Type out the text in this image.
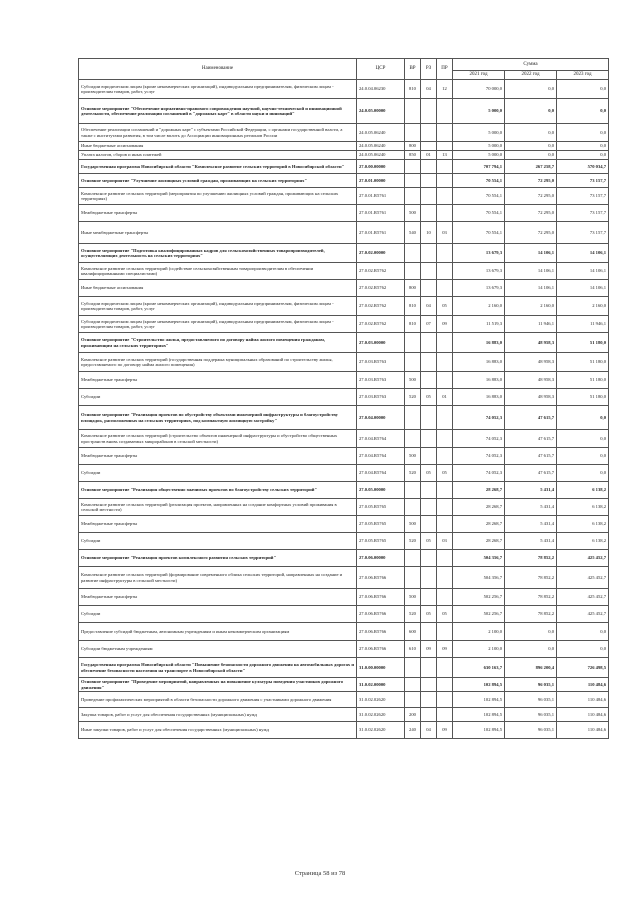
Наименование	ЦСР	ВР	РЗ	ПР	Сумма		
					2021 год	2022 год	2023 год
Субсидии юридическим лицам (кроме некоммерческих организаций), индивидуальным предпринимателям, физическим лицам - производителям товаров, работ, услуг	24.0.04.06230	810	04	12	70 000,0	0,0	0,0
Основное мероприятие "Обеспечение нормативно-правового сопровождения научной, научно-технической и инновационной деятельности, обеспечение реализации соглашений в "дорожных карт" в области науки и инноваций"	24.0.05.00000				5 000,0	0,0	0,0
Обеспечение реализации соглашений и "дорожных карт" с субъектами Российской Федерации, с органами государственной власти, а также с институтами развития, в том числе вплоть до Ассоциации инновационных регионов России	24.0.05.06240				5 000,0	0,0	0,0
Иные бюджетные ассигнования	24.0.05.06240	800			5 000,0	0,0	0,0
Уплата налогов, сборов и иных платежей	24.0.05.06240	850	01	13	5 000,0	0,0	0,0
Государственная программа Новосибирской области "Комплексное развитие сельских территорий в Новосибирской области"	27.0.00.00000				707 794,1	267 258,7	570 034,7
Основное мероприятие "Улучшение жилищных условий граждан, проживающих на сельских территориях"	27.0.01.00000				70 554,1	72 295,0	73 157,7
Комплексное развитие сельских территорий (мероприятия по улучшению жилищных условий граждан, проживающих на сельских территориях)	27.0.01.R5761				70 554,1	72 295,0	73 157,7
Межбюджетные трансферты	27.0.01.R5761	500			70 554,1	72 295,0	73 157,7
Иные межбюджетные трансферты	27.0.01.R5761	540	10	03	70 554,1	72 295,0	73 157,7
Основное мероприятие "Подготовка квалифицированных кадров для сельскохозяйственных товаропроизводителей, осуществляющих деятельность на сельских территориях"	27.0.02.00000				13 679,3	14 106,1	14 106,1
Комплексное развитие сельских территорий (содействие сельскохозяйственным товаропроизводителям в обеспечении квалифицированными специалистами)	27.0.02.R5762				13 679,3	14 106,1	14 106,1
Иные бюджетные ассигнования	27.0.02.R5762	800			13 679,3	14 106,1	14 106,1
Субсидии юридическим лицам (кроме некоммерческих организаций), индивидуальным предпринимателям, физическим лицам - производителям товаров, работ, услуг	27.0.02.R5762	810	04	05	2 160,0	2 160,0	2 160,0
Субсидии юридическим лицам (кроме некоммерческих организаций), индивидуальным предпринимателям, физическим лицам - производителям товаров, работ, услуг	27.0.02.R5762	810	07	09	11 519,3	11 946,1	11 946,1
Основное мероприятие "Строительство жилья, предоставляемого по договору найма жилого помещения гражданам, проживающим на сельских территориях"	27.0.03.00000				16 883,0	48 958,3	51 180,0
Комплексное развитие сельских территорий (государственная поддержка муниципальных образований по строительству жилья, предоставляемого по договору найма жилого помещения)	27.0.03.R5763				16 883,0	48 958,3	51 180,0
Межбюджетные трансферты	27.0.03.R5763	500			16 883,0	48 958,3	51 180,0
Субсидии	27.0.03.R5763	520	05	01	16 883,0	48 958,3	51 180,0
Основное мероприятие "Реализация проектов по обустройству объектами инженерной инфраструктуры и благоустройству площадок, расположенных на сельских территориях, под компактную жилищную застройку"	27.0.04.00000				74 052,3	47 615,7	0,0
Комплексное развитие сельских территорий (строительство объектов инженерной инфраструктуры и обустройство общественных пространств вновь создаваемых микрорайонов в сельской местности)	27.0.04.R5764				74 052,3	47 615,7	0,0
Межбюджетные трансферты	27.0.04.R5764	500			74 052,3	47 615,7	0,0
Субсидии	27.0.04.R5764	520	05	05	74 052,3	47 615,7	0,0
Основное мероприятие "Реализация общественно значимых проектов по благоустройству сельских территорий"	27.0.05.00000				28 268,7	5 431,4	6 138,2
Комплексное развитие сельских территорий (реализация проектов, направленных на создание комфортных условий проживания в сельской местности)	27.0.05.R5765				28 268,7	5 431,4	6 138,2
Межбюджетные трансферты	27.0.05.R5765	500			28 268,7	5 431,4	6 138,2
Субсидии	27.0.05.R5765	520	05	03	28 268,7	5 431,4	6 138,2
Основное мероприятие "Реализация проектов комплексного развития сельских территорий"	27.0.06.00000				504 356,7	78 852,2	425 452,7
Комплексное развитие сельских территорий (формирование современного облика сельских территорий, направленных на создание и развитие инфраструктуры в сельской местности)	27.0.06.R5766				504 356,7	78 852,2	425 452,7
Межбюджетные трансферты	27.0.06.R5766	500			502 256,7	78 852,2	425 452,7
Субсидии	27.0.06.R5766	520	05	05	502 256,7	78 852,2	425 452,7
Предоставление субсидий бюджетным, автономным учреждениям и иным некоммерческим организациям	27.0.06.R5766	600			2 100,0	0,0	0,0
Субсидии бюджетным учреждениям	27.0.06.R5766	610	09	09	2 100,0	0,0	0,0
Государственная программа Новосибирской области "Повышение безопасности дорожного движения на автомобильных дорогах и обеспечение безопасности населения на транспорте в Новосибирской области"	31.0.00.00000				630 163,7	896 200,4	726 498,5
Основное мероприятие "Проведение мероприятий, направленных на повышение культуры поведения участников дорожного движения"	31.0.02.00000				102 894,5	96 035,1	110 484,6
Проведение профилактических мероприятий в области безопасности дорожного движения с участниками дорожного движения	31.0.02.02620				102 894,5	96 035,1	110 484,6
Закупка товаров, работ и услуг для обеспечения государственных (муниципальных) нужд	31.0.02.02620	200			102 894,5	96 035,1	110 484,6
Иные закупки товаров, работ и услуг для обеспечения государственных (муниципальных) нужд	31.0.02.02620	240	04	09	102 894,5	96 035,1	110 484,6
Страница 58 из 78
